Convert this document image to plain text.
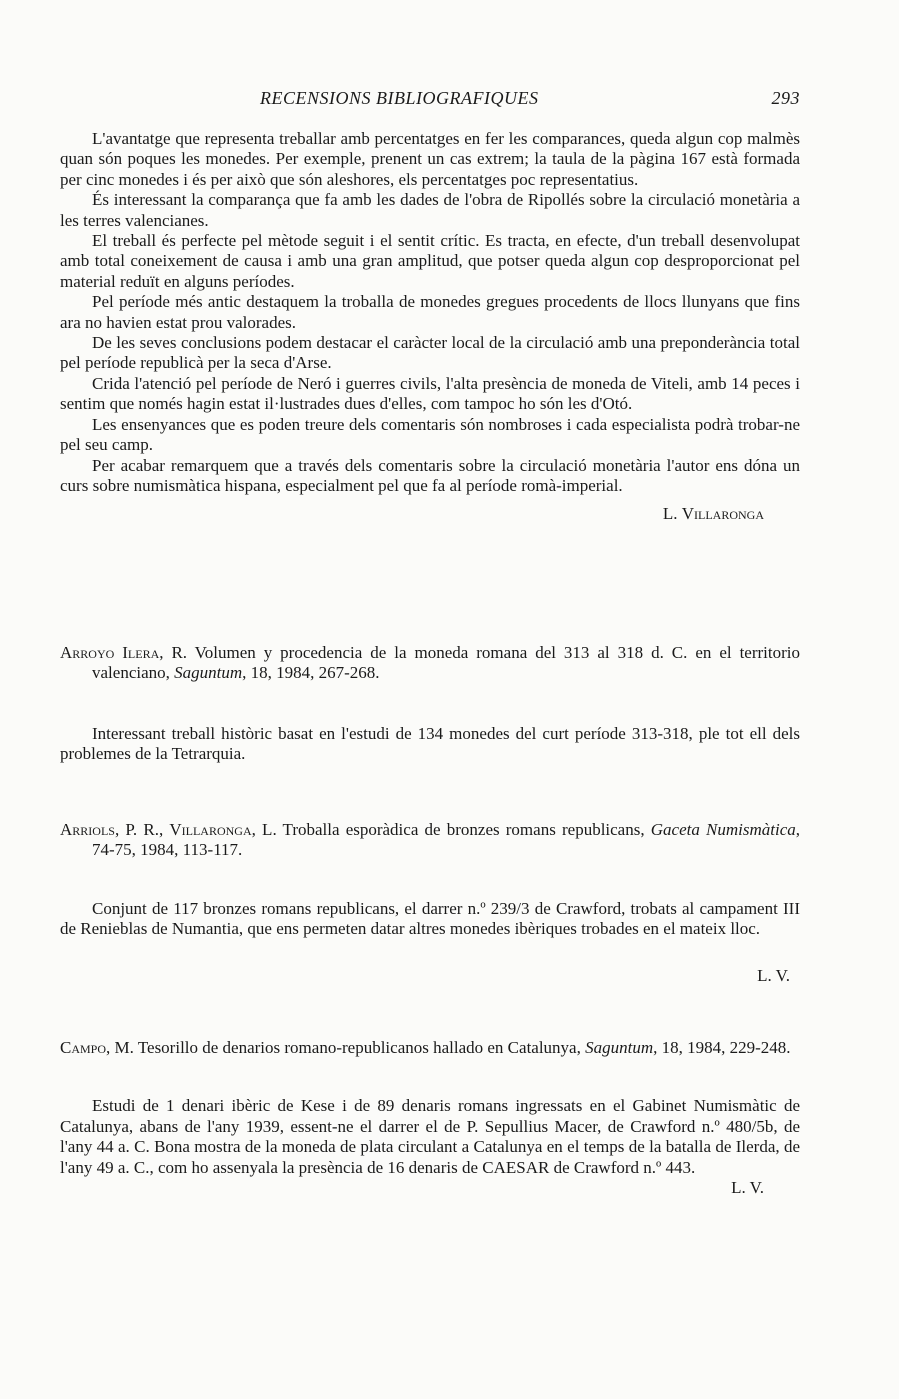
RECENSIONS BIBLIOGRAFIQUES	293

L'avantatge que representa treballar amb percentatges en fer les comparances, queda algun cop malmès quan són poques les monedes. Per exemple, prenent un cas extrem; la taula de la pàgina 167 està formada per cinc monedes i és per això que són aleshores, els percentatges poc representatius.

És interessant la comparança que fa amb les dades de l'obra de Ripollés sobre la circulació monetària a les terres valencianes.

El treball és perfecte pel mètode seguit i el sentit crític. Es tracta, en efecte, d'un treball desenvolupat amb total coneixement de causa i amb una gran amplitud, que potser queda algun cop desproporcionat pel material reduït en alguns períodes.

Pel període més antic destaquem la troballa de monedes gregues procedents de llocs llunyans que fins ara no havien estat prou valorades.

De les seves conclusions podem destacar el caràcter local de la circulació amb una preponderància total pel període republicà per la seca d'Arse.

Crida l'atenció pel període de Neró i guerres civils, l'alta presència de moneda de Viteli, amb 14 peces i sentim que només hagin estat il·lustrades dues d'elles, com tampoc ho són les d'Otó.

Les ensenyances que es poden treure dels comentaris són nombroses i cada especialista podrà trobar-ne pel seu camp.

Per acabar remarquem que a través dels comentaris sobre la circulació monetària l'autor ens dóna un curs sobre numismàtica hispana, especialment pel que fa al període romà-imperial.

L. Villaronga

Arroyo Ilera, R. Volumen y procedencia de la moneda romana del 313 al 318 d. C. en el territorio valenciano, Saguntum, 18, 1984, 267-268.

Interessant treball històric basat en l'estudi de 134 monedes del curt període 313-318, ple tot ell dels problemes de la Tetrarquia.

Arriols, P. R., Villaronga, L. Troballa esporàdica de bronzes romans republicans, Gaceta Numismàtica, 74-75, 1984, 113-117.

Conjunt de 117 bronzes romans republicans, el darrer n.º 239/3 de Crawford, trobats al campament III de Renieblas de Numantia, que ens permeten datar altres monedes ibèriques trobades en el mateix lloc.

L. V.

Campo, M. Tesorillo de denarios romano-republicanos hallado en Catalunya, Saguntum, 18, 1984, 229-248.

Estudi de 1 denari ibèric de Kese i de 89 denaris romans ingressats en el Gabinet Numismàtic de Catalunya, abans de l'any 1939, essent-ne el darrer el de P. Sepullius Macer, de Crawford n.º 480/5b, de l'any 44 a. C. Bona mostra de la moneda de plata circulant a Catalunya en el temps de la batalla de Ilerda, de l'any 49 a. C., com ho assenyala la presència de 16 denaris de CAESAR de Crawford n.º 443.

L. V.
